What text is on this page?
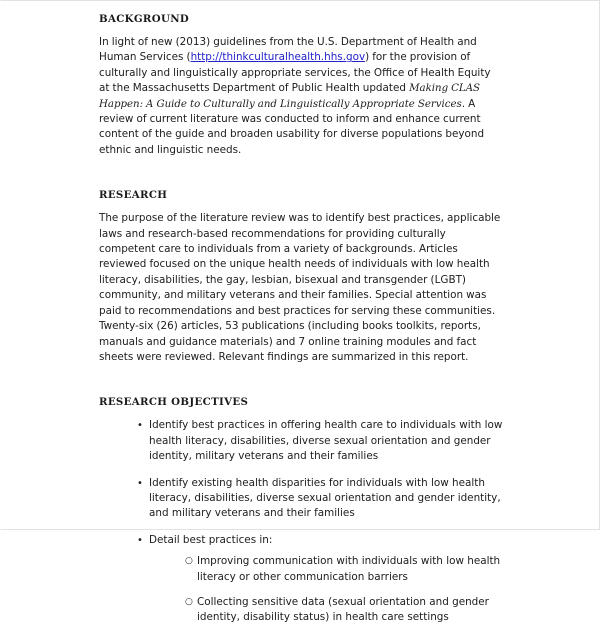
BACKGROUND

In light of new (2013) guidelines from the U.S. Department of Health and Human Services (http://thinkculturalhealth.hhs.gov) for the provision of culturally and linguistically appropriate services, the Office of Health Equity at the Massachusetts Department of Public Health updated Making CLAS Happen: A Guide to Culturally and Linguistically Appropriate Services. A review of current literature was conducted to inform and enhance current content of the guide and broaden usability for diverse populations beyond ethnic and linguistic needs.

RESEARCH

The purpose of the literature review was to identify best practices, applicable laws and research-based recommendations for providing culturally competent care to individuals from a variety of backgrounds. Articles reviewed focused on the unique health needs of individuals with low health literacy, disabilities, the gay, lesbian, bisexual and transgender (LGBT) community, and military veterans and their families. Special attention was paid to recommendations and best practices for serving these communities. Twenty-six (26) articles, 53 publications (including books toolkits, reports, manuals and guidance materials) and 7 online training modules and fact sheets were reviewed. Relevant findings are summarized in this report.

RESEARCH OBJECTIVES
• Identify best practices in offering health care to individuals with low health literacy, disabilities, diverse sexual orientation and gender identity, military veterans and their families
• Identify existing health disparities for individuals with low health literacy, disabilities, diverse sexual orientation and gender identity, and military veterans and their families
• Detail best practices in:
○ Improving communication with individuals with low health literacy or other communication barriers
○ Collecting sensitive data (sexual orientation and gender identity, disability status) in health care settings
